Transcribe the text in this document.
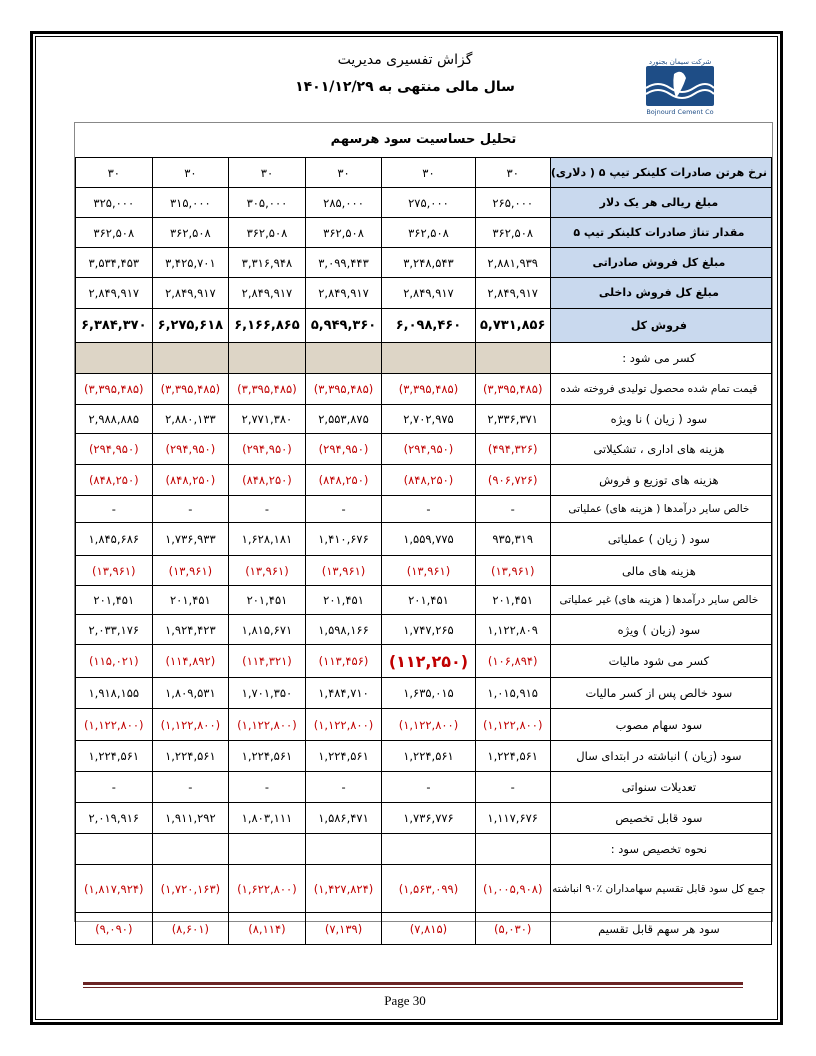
گزاش تفسیری مدیریت
سال مالی منتهی به ۱۴۰۱/۱۲/۲۹
شرکت سیمان بجنورد
Bojnourd Cement Co
تحلیل حساسیت سود هرسهم
۳۰	۳۰	۳۰	۳۰	۳۰	۳۰	نرخ هرتن صادرات کلینکر تیپ ۵ ( دلاری)
۳۲۵,۰۰۰	۳۱۵,۰۰۰	۳۰۵,۰۰۰	۲۸۵,۰۰۰	۲۷۵,۰۰۰	۲۶۵,۰۰۰	مبلغ ریالی هر یک دلار
۳۶۲,۵۰۸	۳۶۲,۵۰۸	۳۶۲,۵۰۸	۳۶۲,۵۰۸	۳۶۲,۵۰۸	۳۶۲,۵۰۸	مقدار تناژ صادرات کلینکر تیپ ۵
۳,۵۳۴,۴۵۳	۳,۴۲۵,۷۰۱	۳,۳۱۶,۹۴۸	۳,۰۹۹,۴۴۳	۳,۲۴۸,۵۴۳	۲,۸۸۱,۹۳۹	مبلغ کل فروش صادراتی
۲,۸۴۹,۹۱۷	۲,۸۴۹,۹۱۷	۲,۸۴۹,۹۱۷	۲,۸۴۹,۹۱۷	۲,۸۴۹,۹۱۷	۲,۸۴۹,۹۱۷	مبلغ کل فروش داخلی
۶,۳۸۴,۳۷۰	۶,۲۷۵,۶۱۸	۶,۱۶۶,۸۶۵	۵,۹۴۹,۳۶۰	۶,۰۹۸,۴۶۰	۵,۷۳۱,۸۵۶	فروش کل
						کسر می شود :
(۳,۳۹۵,۴۸۵)	(۳,۳۹۵,۴۸۵)	(۳,۳۹۵,۴۸۵)	(۳,۳۹۵,۴۸۵)	(۳,۳۹۵,۴۸۵)	(۳,۳۹۵,۴۸۵)	قیمت تمام شده محصول تولیدی فروخته شده
۲,۹۸۸,۸۸۵	۲,۸۸۰,۱۳۳	۲,۷۷۱,۳۸۰	۲,۵۵۳,۸۷۵	۲,۷۰۲,۹۷۵	۲,۳۳۶,۳۷۱	سود ( زیان ) نا ویژه
(۲۹۴,۹۵۰)	(۲۹۴,۹۵۰)	(۲۹۴,۹۵۰)	(۲۹۴,۹۵۰)	(۲۹۴,۹۵۰)	(۴۹۴,۳۲۶)	هزینه های اداری ، تشکیلاتی
(۸۴۸,۲۵۰)	(۸۴۸,۲۵۰)	(۸۴۸,۲۵۰)	(۸۴۸,۲۵۰)	(۸۴۸,۲۵۰)	(۹۰۶,۷۲۶)	هزینه های توزیع و فروش
-	-	-	-	-	-	خالص سایر درآمدها ( هزینه های) عملیاتی
۱,۸۴۵,۶۸۶	۱,۷۳۶,۹۳۳	۱,۶۲۸,۱۸۱	۱,۴۱۰,۶۷۶	۱,۵۵۹,۷۷۵	۹۳۵,۳۱۹	سود ( زیان ) عملیاتی
(۱۳,۹۶۱)	(۱۳,۹۶۱)	(۱۳,۹۶۱)	(۱۳,۹۶۱)	(۱۳,۹۶۱)	(۱۳,۹۶۱)	هزینه های مالی
۲۰۱,۴۵۱	۲۰۱,۴۵۱	۲۰۱,۴۵۱	۲۰۱,۴۵۱	۲۰۱,۴۵۱	۲۰۱,۴۵۱	خالص سایر درآمدها ( هزینه های) غیر عملیاتی
۲,۰۳۳,۱۷۶	۱,۹۲۴,۴۲۳	۱,۸۱۵,۶۷۱	۱,۵۹۸,۱۶۶	۱,۷۴۷,۲۶۵	۱,۱۲۲,۸۰۹	سود (زیان ) ویژه
(۱۱۵,۰۲۱)	(۱۱۴,۸۹۲)	(۱۱۴,۳۲۱)	(۱۱۳,۴۵۶)	(۱۱۲,۲۵۰)	(۱۰۶,۸۹۴)	کسر می شود مالیات
۱,۹۱۸,۱۵۵	۱,۸۰۹,۵۳۱	۱,۷۰۱,۳۵۰	۱,۴۸۴,۷۱۰	۱,۶۳۵,۰۱۵	۱,۰۱۵,۹۱۵	سود خالص پس از کسر مالیات
(۱,۱۲۲,۸۰۰)	(۱,۱۲۲,۸۰۰)	(۱,۱۲۲,۸۰۰)	(۱,۱۲۲,۸۰۰)	(۱,۱۲۲,۸۰۰)	(۱,۱۲۲,۸۰۰)	سود سهام مصوب
۱,۲۲۴,۵۶۱	۱,۲۲۴,۵۶۱	۱,۲۲۴,۵۶۱	۱,۲۲۴,۵۶۱	۱,۲۲۴,۵۶۱	۱,۲۲۴,۵۶۱	سود (زیان ) انباشته در ابتدای سال
-	-	-	-	-	-	تعدیلات سنواتی
۲,۰۱۹,۹۱۶	۱,۹۱۱,۲۹۲	۱,۸۰۳,۱۱۱	۱,۵۸۶,۴۷۱	۱,۷۳۶,۷۷۶	۱,۱۱۷,۶۷۶	سود قابل تخصیص
						نحوه تخصیص سود :
(۱,۸۱۷,۹۲۴)	(۱,۷۲۰,۱۶۳)	(۱,۶۲۲,۸۰۰)	(۱,۴۲۷,۸۲۴)	(۱,۵۶۳,۰۹۹)	(۱,۰۰۵,۹۰۸)	جمع کل سود قابل تقسیم سهامداران ٪۹۰ انباشته
(۹,۰۹۰)	(۸,۶۰۱)	(۸,۱۱۴)	(۷,۱۳۹)	(۷,۸۱۵)	(۵,۰۳۰)	سود هر سهم قابل تقسیم
Page 30
